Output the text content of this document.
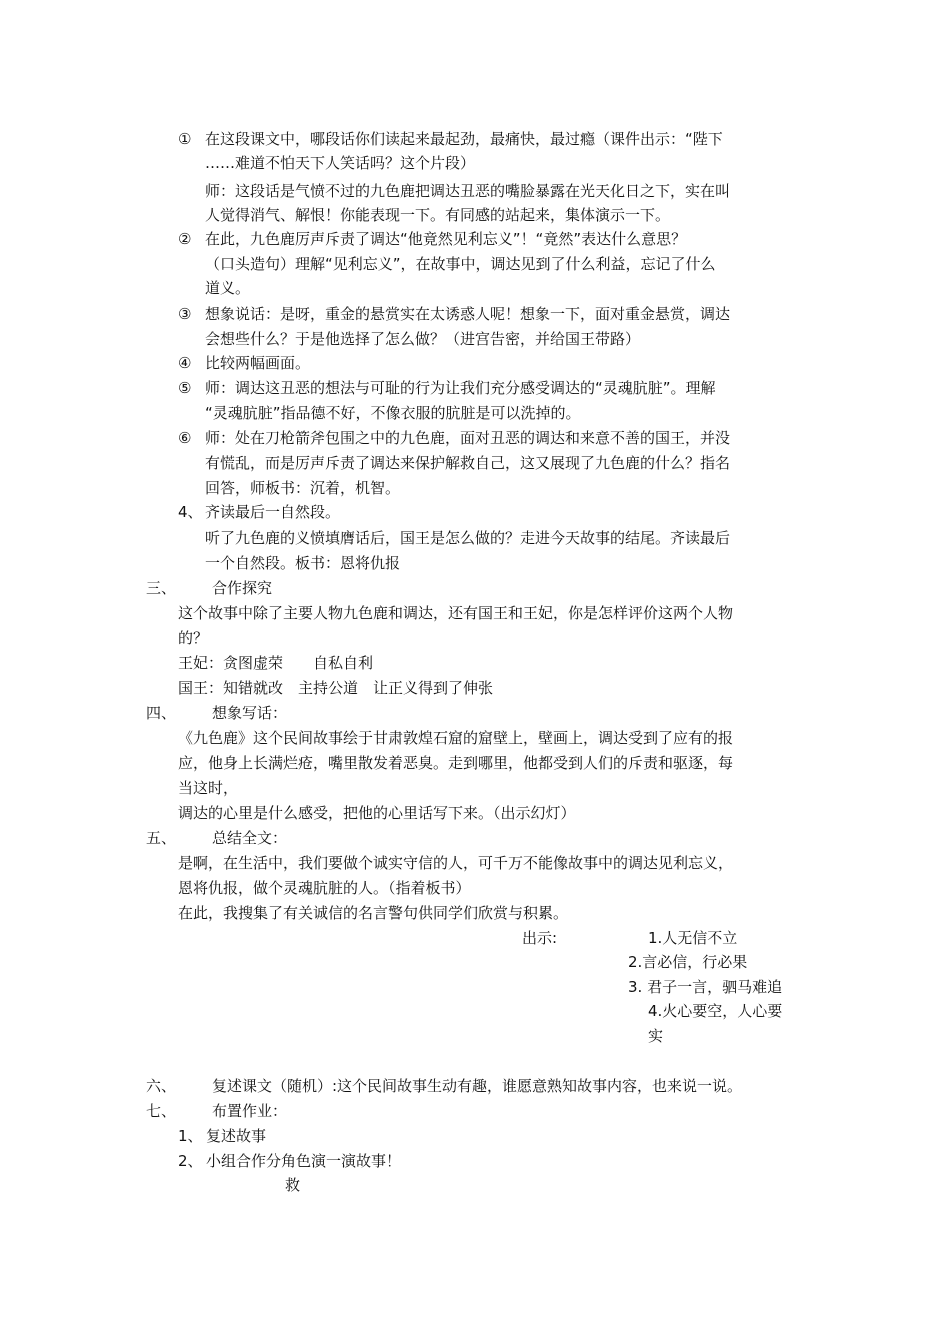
① 在这段课文中，哪段话你们读起来最起劲，最痛快，最过瘾（课件出示：“陛下
……难道不怕天下人笑话吗？这个片段）
师：这段话是气愤不过的九色鹿把调达丑恶的嘴脸暴露在光天化日之下，实在叫
人觉得消气、解恨！你能表现一下。有同感的站起来，集体演示一下。
② 在此，九色鹿厉声斥责了调达“他竟然见利忘义”！“竟然”表达什么意思？
（口头造句）理解“见利忘义”，在故事中，调达见到了什么利益，忘记了什么
道义。
③ 想象说话：是呀，重金的悬赏实在太诱惑人呢！想象一下，面对重金悬赏，调达
会想些什么？于是他选择了怎么做？（进宫告密，并给国王带路）
④ 比较两幅画面。
⑤ 师：调达这丑恶的想法与可耻的行为让我们充分感受调达的“灵魂肮脏”。理解
“灵魂肮脏”指品德不好，不像衣服的肮脏是可以洗掉的。
⑥ 师：处在刀枪箭斧包围之中的九色鹿，面对丑恶的调达和来意不善的国王，并没
有慌乱，而是厉声斥责了调达来保护解救自己，这又展现了九色鹿的什么？指名
回答，师板书：沉着，机智。
4、 齐读最后一自然段。
听了九色鹿的义愤填膺话后，国王是怎么做的？走进今天故事的结尾。齐读最后
一个自然段。板书：恩将仇报
三、 合作探究
这个故事中除了主要人物九色鹿和调达，还有国王和王妃，你是怎样评价这两个人物
的？
王妃：贪图虚荣　　自私自利
国王：知错就改　主持公道　让正义得到了伸张
四、 想象写话：
《九色鹿》这个民间故事绘于甘肃敦煌石窟的窟壁上，壁画上，调达受到了应有的报
应，他身上长满烂疮，嘴里散发着恶臭。走到哪里，他都受到人们的斥责和驱逐，每
当这时，
调达的心里是什么感受，把他的心里话写下来。（出示幻灯）
五、 总结全文：
是啊，在生活中，我们要做个诚实守信的人，可千万不能像故事中的调达见利忘义，
恩将仇报，做个灵魂肮脏的人。（指着板书）
在此，我搜集了有关诚信的名言警句供同学们欣赏与积累。
出示:	1.人无信不立
2.言必信，行必果
3. 君子一言，驷马难追
4.火心要空，人心要
实
六、 复述课文（随机）:这个民间故事生动有趣，谁愿意熟知故事内容，也来说一说。
七、 布置作业：
1、 复述故事
2、 小组合作分角色演一演故事！
救
